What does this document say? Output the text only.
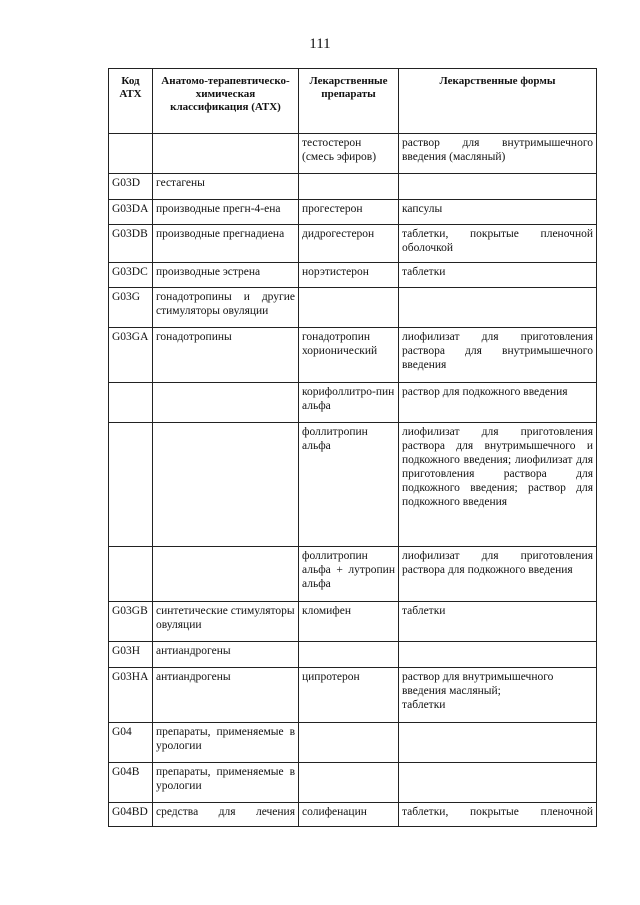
111
Код АТХ	Анатомо-терапевтическо-химическая классификация (АТХ)	Лекарственные препараты	Лекарственные формы
		тестостерон (смесь эфиров)	раствор для внутримышечного введения (масляный)
G03D	гестагены		
G03DA	производные прегн-4-ена	прогестерон	капсулы
G03DB	производные прегнадиена	дидрогестерон	таблетки, покрытые пленочной оболочкой
G03DC	производные эстрена	норэтистерон	таблетки
G03G	гонадотропины и другие стимуляторы овуляции		
G03GA	гонадотропины	гонадотропин хорионический	лиофилизат для приготовления раствора для внутримышечного введения
		корифоллитро-пин альфа	раствор для подкожного введения
		фоллитропин альфа	лиофилизат для приготовления раствора для внутримышечного и подкожного введения; лиофилизат для приготовления раствора для подкожного введения; раствор для подкожного введения
		фоллитропин альфа + лутропин альфа	лиофилизат для приготовления раствора для подкожного введения
G03GB	синтетические стимуляторы овуляции	кломифен	таблетки
G03H	антиандрогены		
G03HA	антиандрогены	ципротерон	раствор для внутримышечного введения масляный;
таблетки

G04	препараты, применяемые в урологии		
G04B	препараты, применяемые в урологии		
G04BD	средства для лечения	солифенацин	таблетки, покрытые пленочной
